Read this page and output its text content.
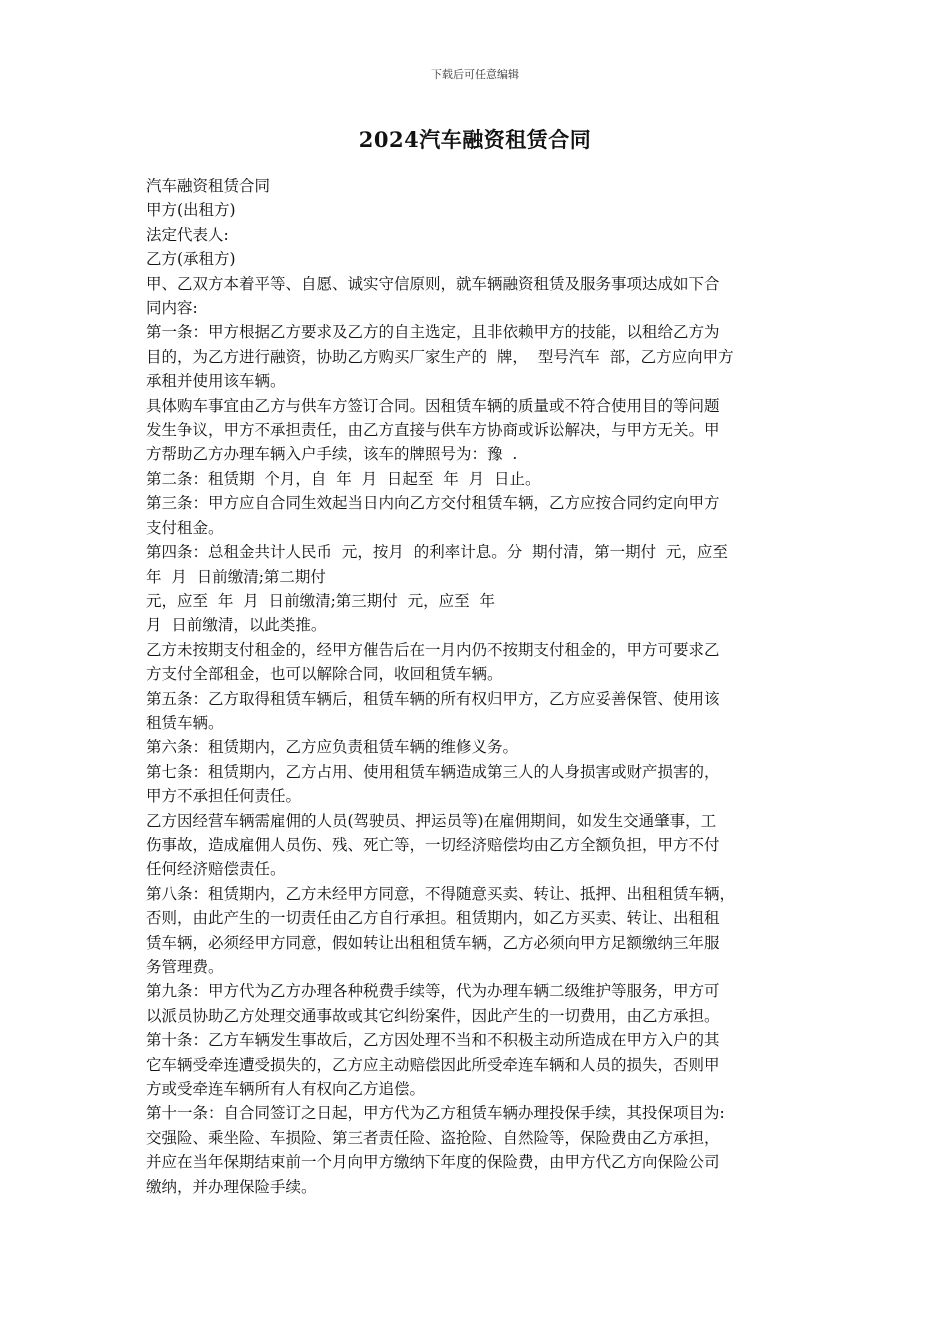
下载后可任意编辑
2024汽车融资租赁合同

汽车融资租赁合同

甲方(出租方)

法定代表人:

乙方(承租方)

甲、乙双方本着平等、自愿、诚实守信原则，就车辆融资租赁及服务事项达成如下合
同内容:

第一条：甲方根据乙方要求及乙方的自主选定，且非依赖甲方的技能，以租给乙方为
目的，为乙方进行融资，协助乙方购买厂家生产的  牌，  型号汽车  部，乙方应向甲方
承租并使用该车辆。

具体购车事宜由乙方与供车方签订合同。因租赁车辆的质量或不符合使用目的等问题
发生争议，甲方不承担责任，由乙方直接与供车方协商或诉讼解决，与甲方无关。甲
方帮助乙方办理车辆入户手续，该车的牌照号为：豫  .

第二条：租赁期  个月，自  年  月  日起至  年  月  日止。

第三条：甲方应自合同生效起当日内向乙方交付租赁车辆，乙方应按合同约定向甲方
支付租金。

第四条：总租金共计人民币  元，按月  的利率计息。分  期付清，第一期付  元，应至
年  月  日前缴清;第二期付
元，应至  年  月  日前缴清;第三期付  元，应至  年
月  日前缴清，以此类推。

乙方未按期支付租金的，经甲方催告后在一月内仍不按期支付租金的，甲方可要求乙
方支付全部租金，也可以解除合同，收回租赁车辆。

第五条：乙方取得租赁车辆后，租赁车辆的所有权归甲方，乙方应妥善保管、使用该
租赁车辆。

第六条：租赁期内，乙方应负责租赁车辆的维修义务。

第七条：租赁期内，乙方占用、使用租赁车辆造成第三人的人身损害或财产损害的，
甲方不承担任何责任。

乙方因经营车辆需雇佣的人员(驾驶员、押运员等)在雇佣期间，如发生交通肇事，工
伤事故，造成雇佣人员伤、残、死亡等，一切经济赔偿均由乙方全额负担，甲方不付
任何经济赔偿责任。

第八条：租赁期内，乙方未经甲方同意，不得随意买卖、转让、抵押、出租租赁车辆，
否则，由此产生的一切责任由乙方自行承担。租赁期内，如乙方买卖、转让、出租租
赁车辆，必须经甲方同意，假如转让出租租赁车辆，乙方必须向甲方足额缴纳三年服
务管理费。

第九条：甲方代为乙方办理各种税费手续等，代为办理车辆二级维护等服务，甲方可
以派员协助乙方处理交通事故或其它纠纷案件，因此产生的一切费用，由乙方承担。

第十条：乙方车辆发生事故后，乙方因处理不当和不积极主动所造成在甲方入户的其
它车辆受牵连遭受损失的，乙方应主动赔偿因此所受牵连车辆和人员的损失，否则甲
方或受牵连车辆所有人有权向乙方追偿。

第十一条：自合同签订之日起，甲方代为乙方租赁车辆办理投保手续，其投保项目为:
交强险、乘坐险、车损险、第三者责任险、盗抢险、自然险等，保险费由乙方承担，
并应在当年保期结束前一个月向甲方缴纳下年度的保险费，由甲方代乙方向保险公司
缴纳，并办理保险手续。
